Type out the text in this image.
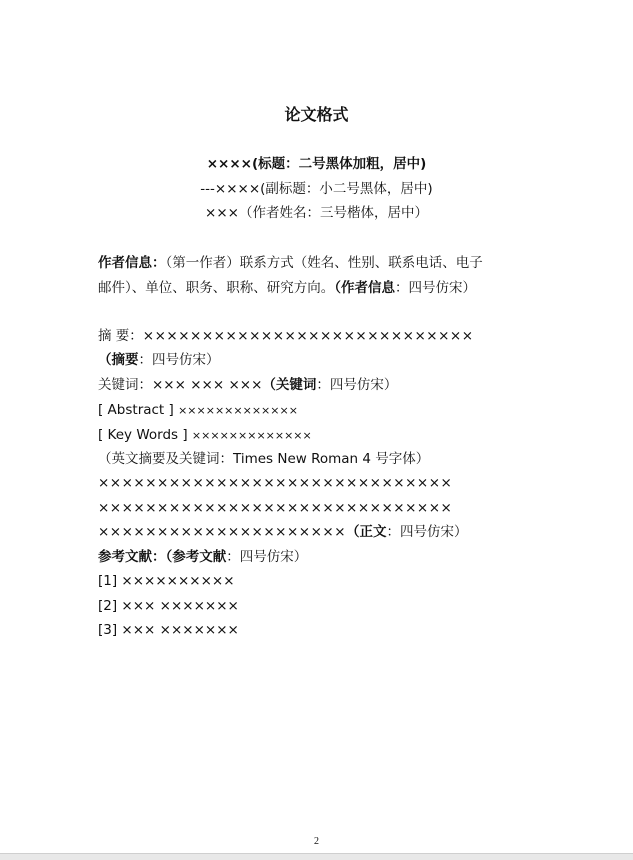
论文格式
××××(标题：二号黑体加粗，居中)
---××××(副标题：小二号黑体，居中)
×××（作者姓名：三号楷体，居中）
作者信息：（第一作者）联系方式（姓名、性别、联系电话、电子
邮件）、单位、职务、职称、研究方向。（作者信息：四号仿宋）
摘 要：××××××××××××××××××××××××××××
（摘要：四号仿宋）
关键词：××× ××× ×××（关键词：四号仿宋）
[ Abstract ] ×××××××××××××
[ Key Words ] ×××××××××××××
（英文摘要及关键词：Times New Roman 4 号字体）
××××××××××××××××××××××××××××××
××××××××××××××××××××××××××××××
×××××××××××××××××××××（正文：四号仿宋）
参考文献：（参考文献：四号仿宋）
[1] ××××××××××
[2] ××× ×××××××
[3] ××× ×××××××
2
